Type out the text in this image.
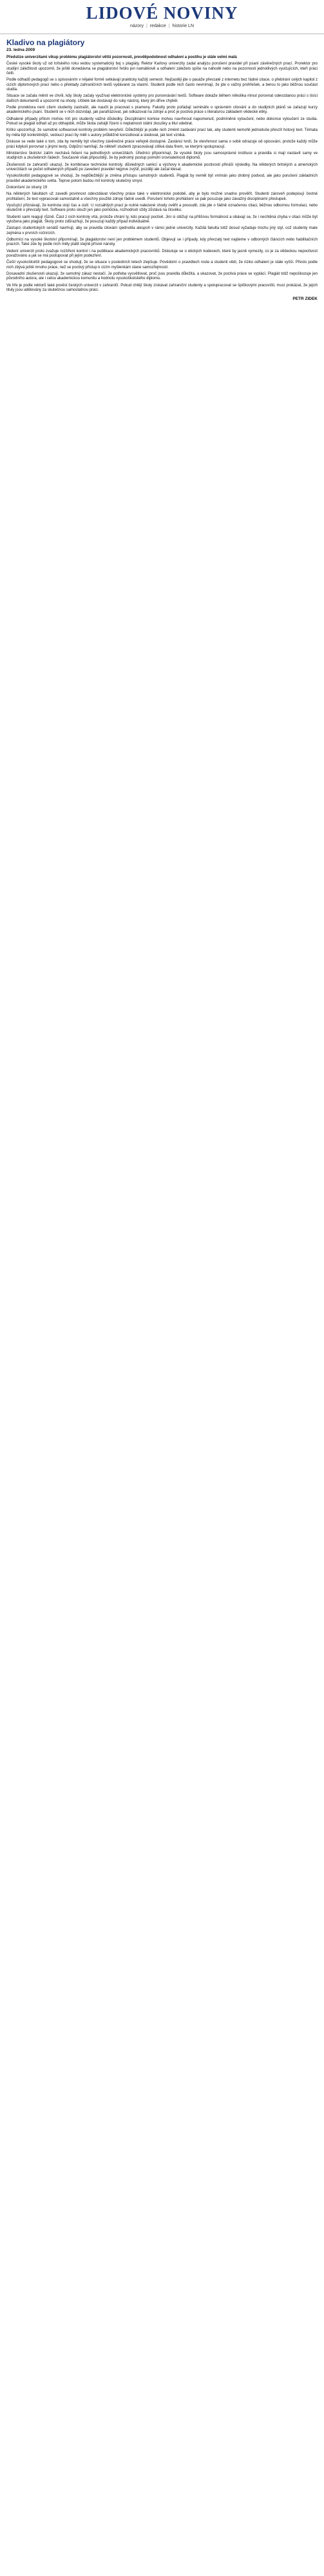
LIDOVÉ NOVINY
názory | redakce | historie LN
Kladivo na plagiátory
23. ledna 2009

Předstíze univerzitami víkup problému plagiátorství větší pozorností, prevděpodobnost odhalení a postihu je stále velmi malá

České vysoké školy už od loňského roku vedou systematický boj s plagiáty. Rektor Karlovy univerzity zadal analýzu porušení pravidel při psaní závěrečných prací. Prorektor pro studijní záležitosti upozornil, že ještě donedávna se plagiátorství řešilo jen namátkově a odhalení záleželo spíše na náhodě nebo na pozornosti jednotlivých vyučujících, kteří práci četli.

Podle odhadů pedagogů se s opisováním v nějaké formě setkávají prakticky každý semestr. Nejčastěji jde o pasáže převzaté z internetu bez řádné citace, o přebírání celých kapitol z cizích diplomových prací nebo o překlady zahraničních textů vydávané za vlastní. Studenti podle nich často nevnímají, že jde o vážný prohřešek, a berou to jako běžnou součást studia.

Situace se začala měnit ve chvíli, kdy školy začaly využívat elektronické systémy pro porovnávání textů. Software dokáže během několika minut porovnat odevzdanou práci s tisíci dalších dokumentů a upozornit na shody. Učitelé tak dostávají do ruky nástroj, který jim dříve chyběl.

Podle prorektora není cílem studenty zastrašit, ale naučit je pracovat s prameny. Fakulty proto pořádají semináře o správném citování a do studijních plánů se zařazují kurzy akademického psaní. Studenti se v nich dozvídají, jak parafrázovat, jak odkazovat na zdroje a proč je poctivá práce s literaturou základem vědecké etiky.

Odhalené případy přitom mohou mít pro studenty vážné důsledky. Disciplinární komise mohou navrhnout napomenutí, podmíněné vyloučení, nebo dokonce vyloučení ze studia. Pokud se plagiát odhalí až po obhajobě, může škola zahájit řízení o neplatnosti státní zkoušky a titul odebrat.

Kritici upozorňují, že samotné softwarové kontroly problém nevyřeší. Důležitější je podle nich změnit zadávání prací tak, aby studenti nemohli jednoduše převzít hotový text. Témata by měla být konkrétnější, vedoucí prací by měli s autory průběžně konzultovat a sledovat, jak text vzniká.

Diskuse se vede také o tom, zda by neměly být všechny závěrečné práce veřejně dostupné. Zastánci tvrdí, že otevřenost sama o sobě odrazuje od opisování, protože každý může práci kdykoli porovnat s jinými texty. Odpůrci namítají, že někteří studenti zpracovávají citlivá data firem, se kterými spolupracují.

Ministerstvo školství zatím nechává řešení na jednotlivých univerzitách. Úředníci připomínají, že vysoké školy jsou samosprávné instituce a pravidla si mají nastavit samy ve studijních a zkušebních řádech. Současně však připouštějí, že by jednotný postup pomohl srovnatelnosti diplomů.

Zkušenosti ze zahraničí ukazují, že kombinace technické kontroly, důsledných sankcí a výchovy k akademické poctivosti přináší výsledky. Na některých britských a amerických univerzitách se počet odhalených případů po zavedení pravidel nejprve zvýšil, později ale začal klesat.

Vysokoškolští pedagogové se shodují, že nejdůležitější je změna přístupu samotných studentů. Plagiát by neměl být vnímán jako drobný podvod, ale jako porušení základních pravidel akademického světa. Teprve potom budou mít kontroly skutečný smysl.

Dokončení ze strany 19

Na některých fakultách už zavedli povinnost odevzdávat všechny práce také v elektronické podobě, aby je bylo možné snadno prověřit. Studenti zároveň podepisují čestné prohlášení, že text vypracovali samostatně a všechny použité zdroje řádně uvedli. Porušení tohoto prohlášení se pak posuzuje jako závažný disciplinární přestupek.

Vyučující přiznávají, že kontrola stojí čas a úsilí. U rozsáhlých prací je nutné nalezené shody ověřit a posoudit, zda jde o řádně označenou citaci, běžnou odbornou formulaci, nebo skutečně o převzatý text. Software proto slouží jen jako pomůcka, rozhodnutí vždy zůstává na člověku.

Studenti sami reagují různě. Část z nich kontroly vítá, protože chrání ty, kdo pracují poctivě. Jiní si stěžují na přílišnou formálnost a obávají se, že i nechtěná chyba v citaci může být vyložena jako plagiát. Školy proto zdůrazňují, že posuzují každý případ individuálně.

Zástupci studentských senátů navrhují, aby se pravidla citování sjednotila alespoň v rámci jedné univerzity. Každá fakulta totiž dosud vyžaduje trochu jiný styl, což studenty mate zejména v prvních ročnících.

Odborníci na vysoké školství připomínají, že plagiátorství není jen problémem studentů. Objevují se i případy, kdy převzatý text najdeme v odborných článcích nebo habilitačních pracích. Také zde by podle nich měly platit stejně přísné nároky.

Vedení univerzit proto zvažuje rozšíření kontrol i na publikace akademických pracovníků. Diskutuje se o etických kodexech, které by jasně vymezily, co je za vědeckou nepoctivost považováno a jak se má postupovat při jejím podezření.

Čeští vysokoškolští pedagogové se shodují, že se situace v posledních letech zlepšuje. Povědomí o pravidlech roste a studenti vědí, že riziko odhalení je stále vyšší. Přesto podle nich zbývá ještě mnoho práce, než se poctivý přístup k cizím myšlenkám stane samozřejmostí.

Dosavadní zkušenosti ukazují, že samotný zákaz nestačí. Je potřeba vysvětlovat, proč jsou pravidla důležitá, a ukazovat, že poctivá práce se vyplácí. Plagiát totiž nepoškozuje jen původního autora, ale i celou akademickou komunitu a hodnotu vysokoškolského diplomu.

Ve hře je podle rektorů také pověst českých univerzit v zahraničí. Pokud chtějí školy získávat zahraniční studenty a spolupracovat se špičkovými pracovišti, musí prokázat, že jejich tituly jsou udělovány za skutečnou samostatnou práci.

PETR ZIDEK
